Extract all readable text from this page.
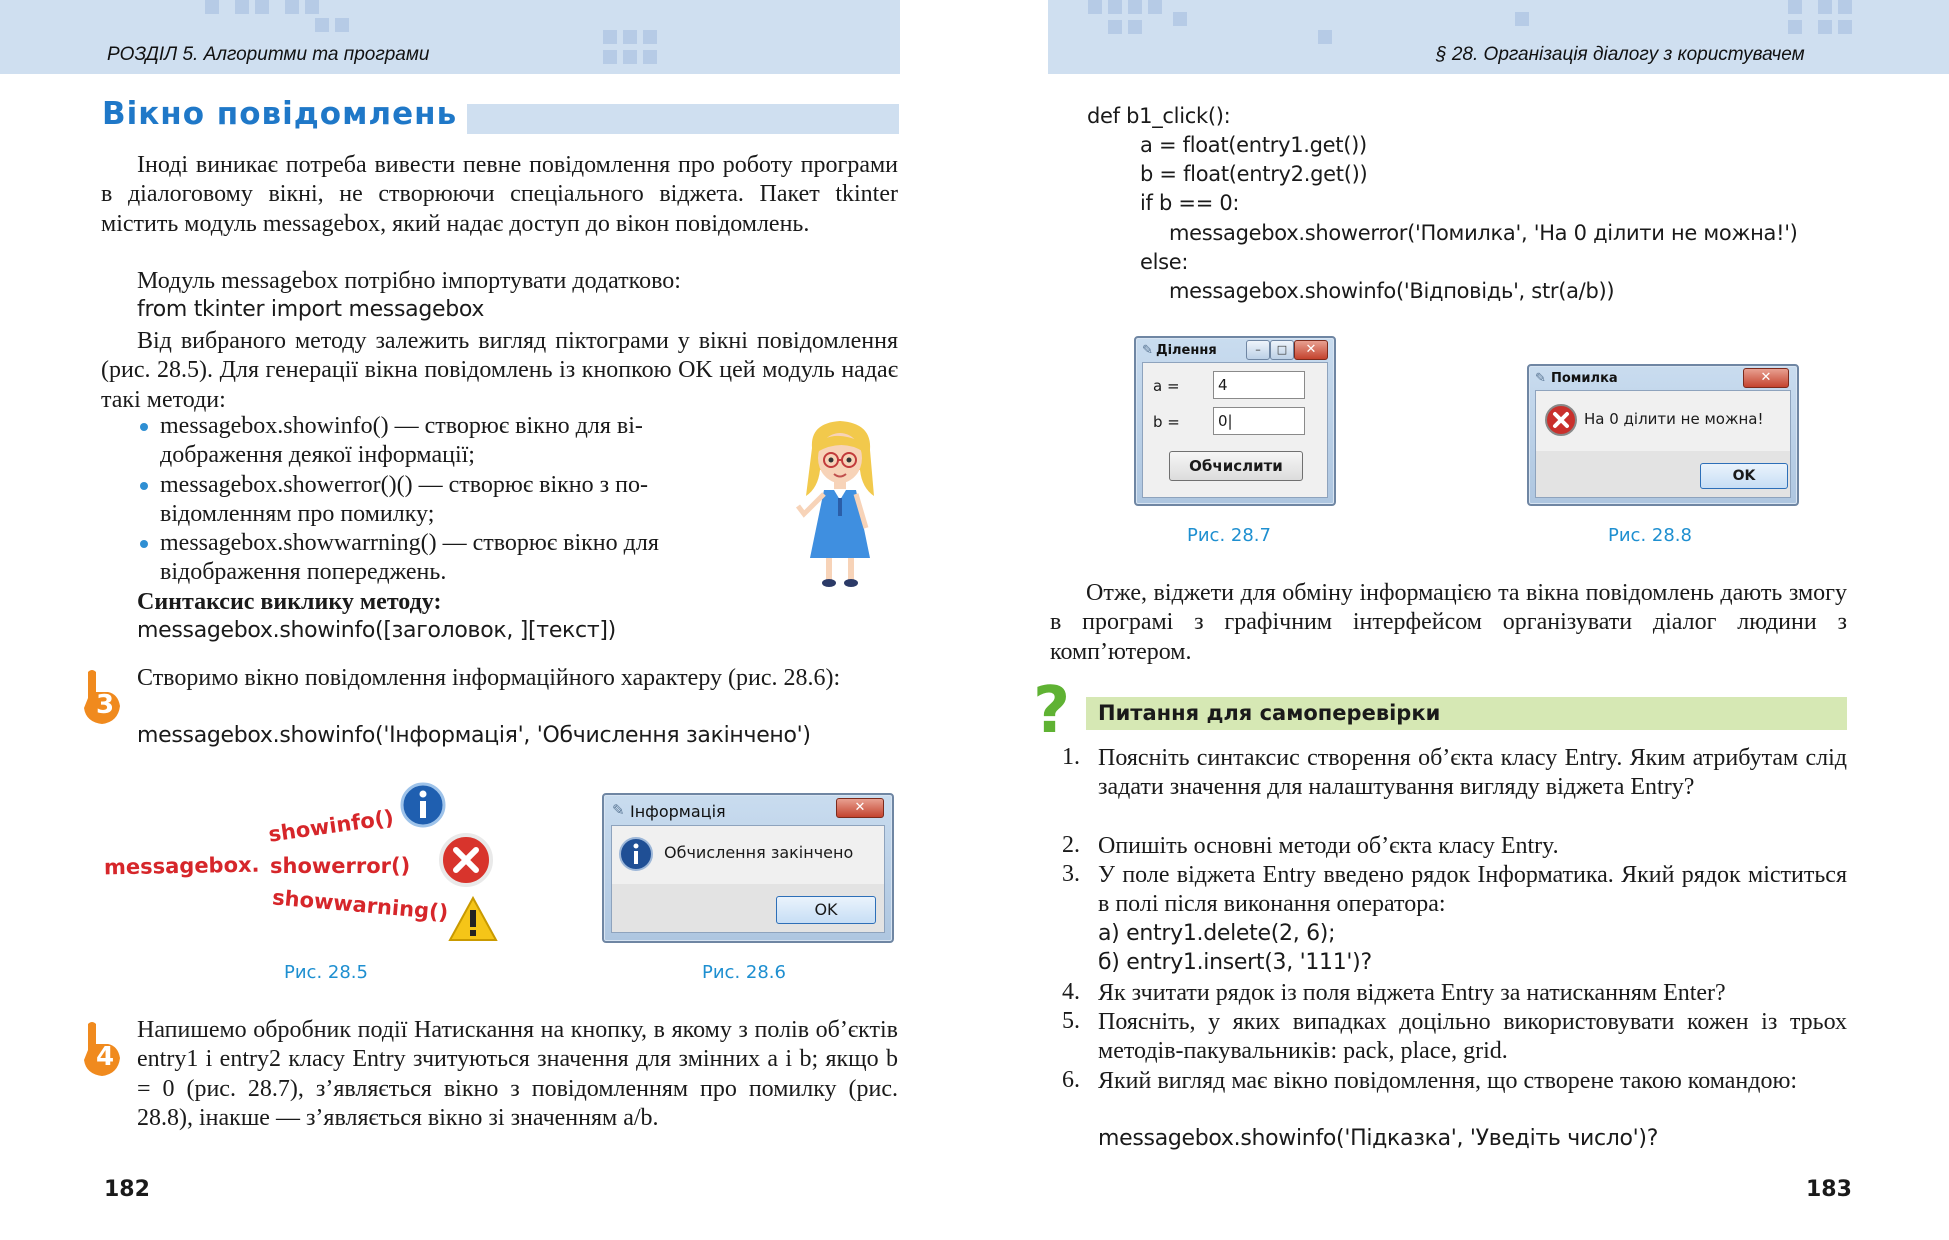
РОЗДІЛ 5. Алгоритми та програми
Вікно повідомлень
Іноді виникає потреба вивести певне повідомлення про роботу програми в діалоговому вікні, не створюючи спеціального віджета. Пакет tkinter містить модуль messagebox, який надає доступ до вікон повідомлень.
Модуль messagebox потрібно імпортувати додатково:
from tkinter import messagebox
Від вибраного методу залежить вигляд піктограми у вікні повідомлення (рис. 28.5). Для генерації вікна повідомлень із кнопкою OK цей модуль надає такі методи:
messagebox.showinfo() — створює вікно для ві-
дображення деякої інформації;
messagebox.showerror()() — створює вікно з по-
відомленням про помилку;
messagebox.showwarrning() — створює вікно для
відображення попереджень.
Синтаксис виклику методу:
messagebox.showinfo([заголовок, ][текст])
3
Створимо вікно повідомлення інформаційного характеру (рис. 28.6):
messagebox.showinfo('Інформація', 'Обчислення закінчено')
messagebox.
showinfo()
showerror()
showwarning()
Рис. 28.5
✎ Інформація	✕
Обчислення закінчено
OK
Рис. 28.6
4
Напишемо обробник події Натискання на кнопку, в якому з полів об’єктів entry1 і entry2 класу Entry зчитуються значення для змінних a і b; якщо b = 0 (рис. 28.7), з’являється вікно з повідомленням про помилку (рис. 28.8), інакше — з’являється вікно зі значенням a/b.
182
§ 28. Організація діалогу з користувачем
def b1_click():
a = float(entry1.get())
b = float(entry2.get())
if b == 0:
messagebox.showerror('Помилка', 'На 0 ділити не можна!')
else:
messagebox.showinfo('Відповідь', str(a/b))
✎ Ділення	–	□	✕
a =	4
b =	0|
Обчислити
Рис. 28.7
✎ Помилка	✕
На 0 ділити не можна!
OK
Рис. 28.8
Отже, віджети для обміну інформацією та вікна повідомлень дають змогу в програмі з графічним інтерфейсом організувати діалог людини з комп’ютером.
? Питання для самоперевірки
1. Поясніть синтаксис створення об’єкта класу Entry. Яким атрибутам слід задати значення для налаштування вигляду віджета Entry?
2. Опишіть основні методи об’єкта класу Entry.
3. У поле віджета Entry введено рядок Інформатика. Який рядок міститься в полі після виконання оператора:
а) entry1.delete(2, 6);
б) entry1.insert(3, '111')?
4. Як зчитати рядок із поля віджета Entry за натисканням Enter?
5. Поясніть, у яких випадках доцільно використовувати кожен із трьох методів-пакувальників: pack, place, grid.
6. Який вигляд має вікно повідомлення, що створене такою командою:
messagebox.showinfo('Підказка', 'Уведіть число')?
183
